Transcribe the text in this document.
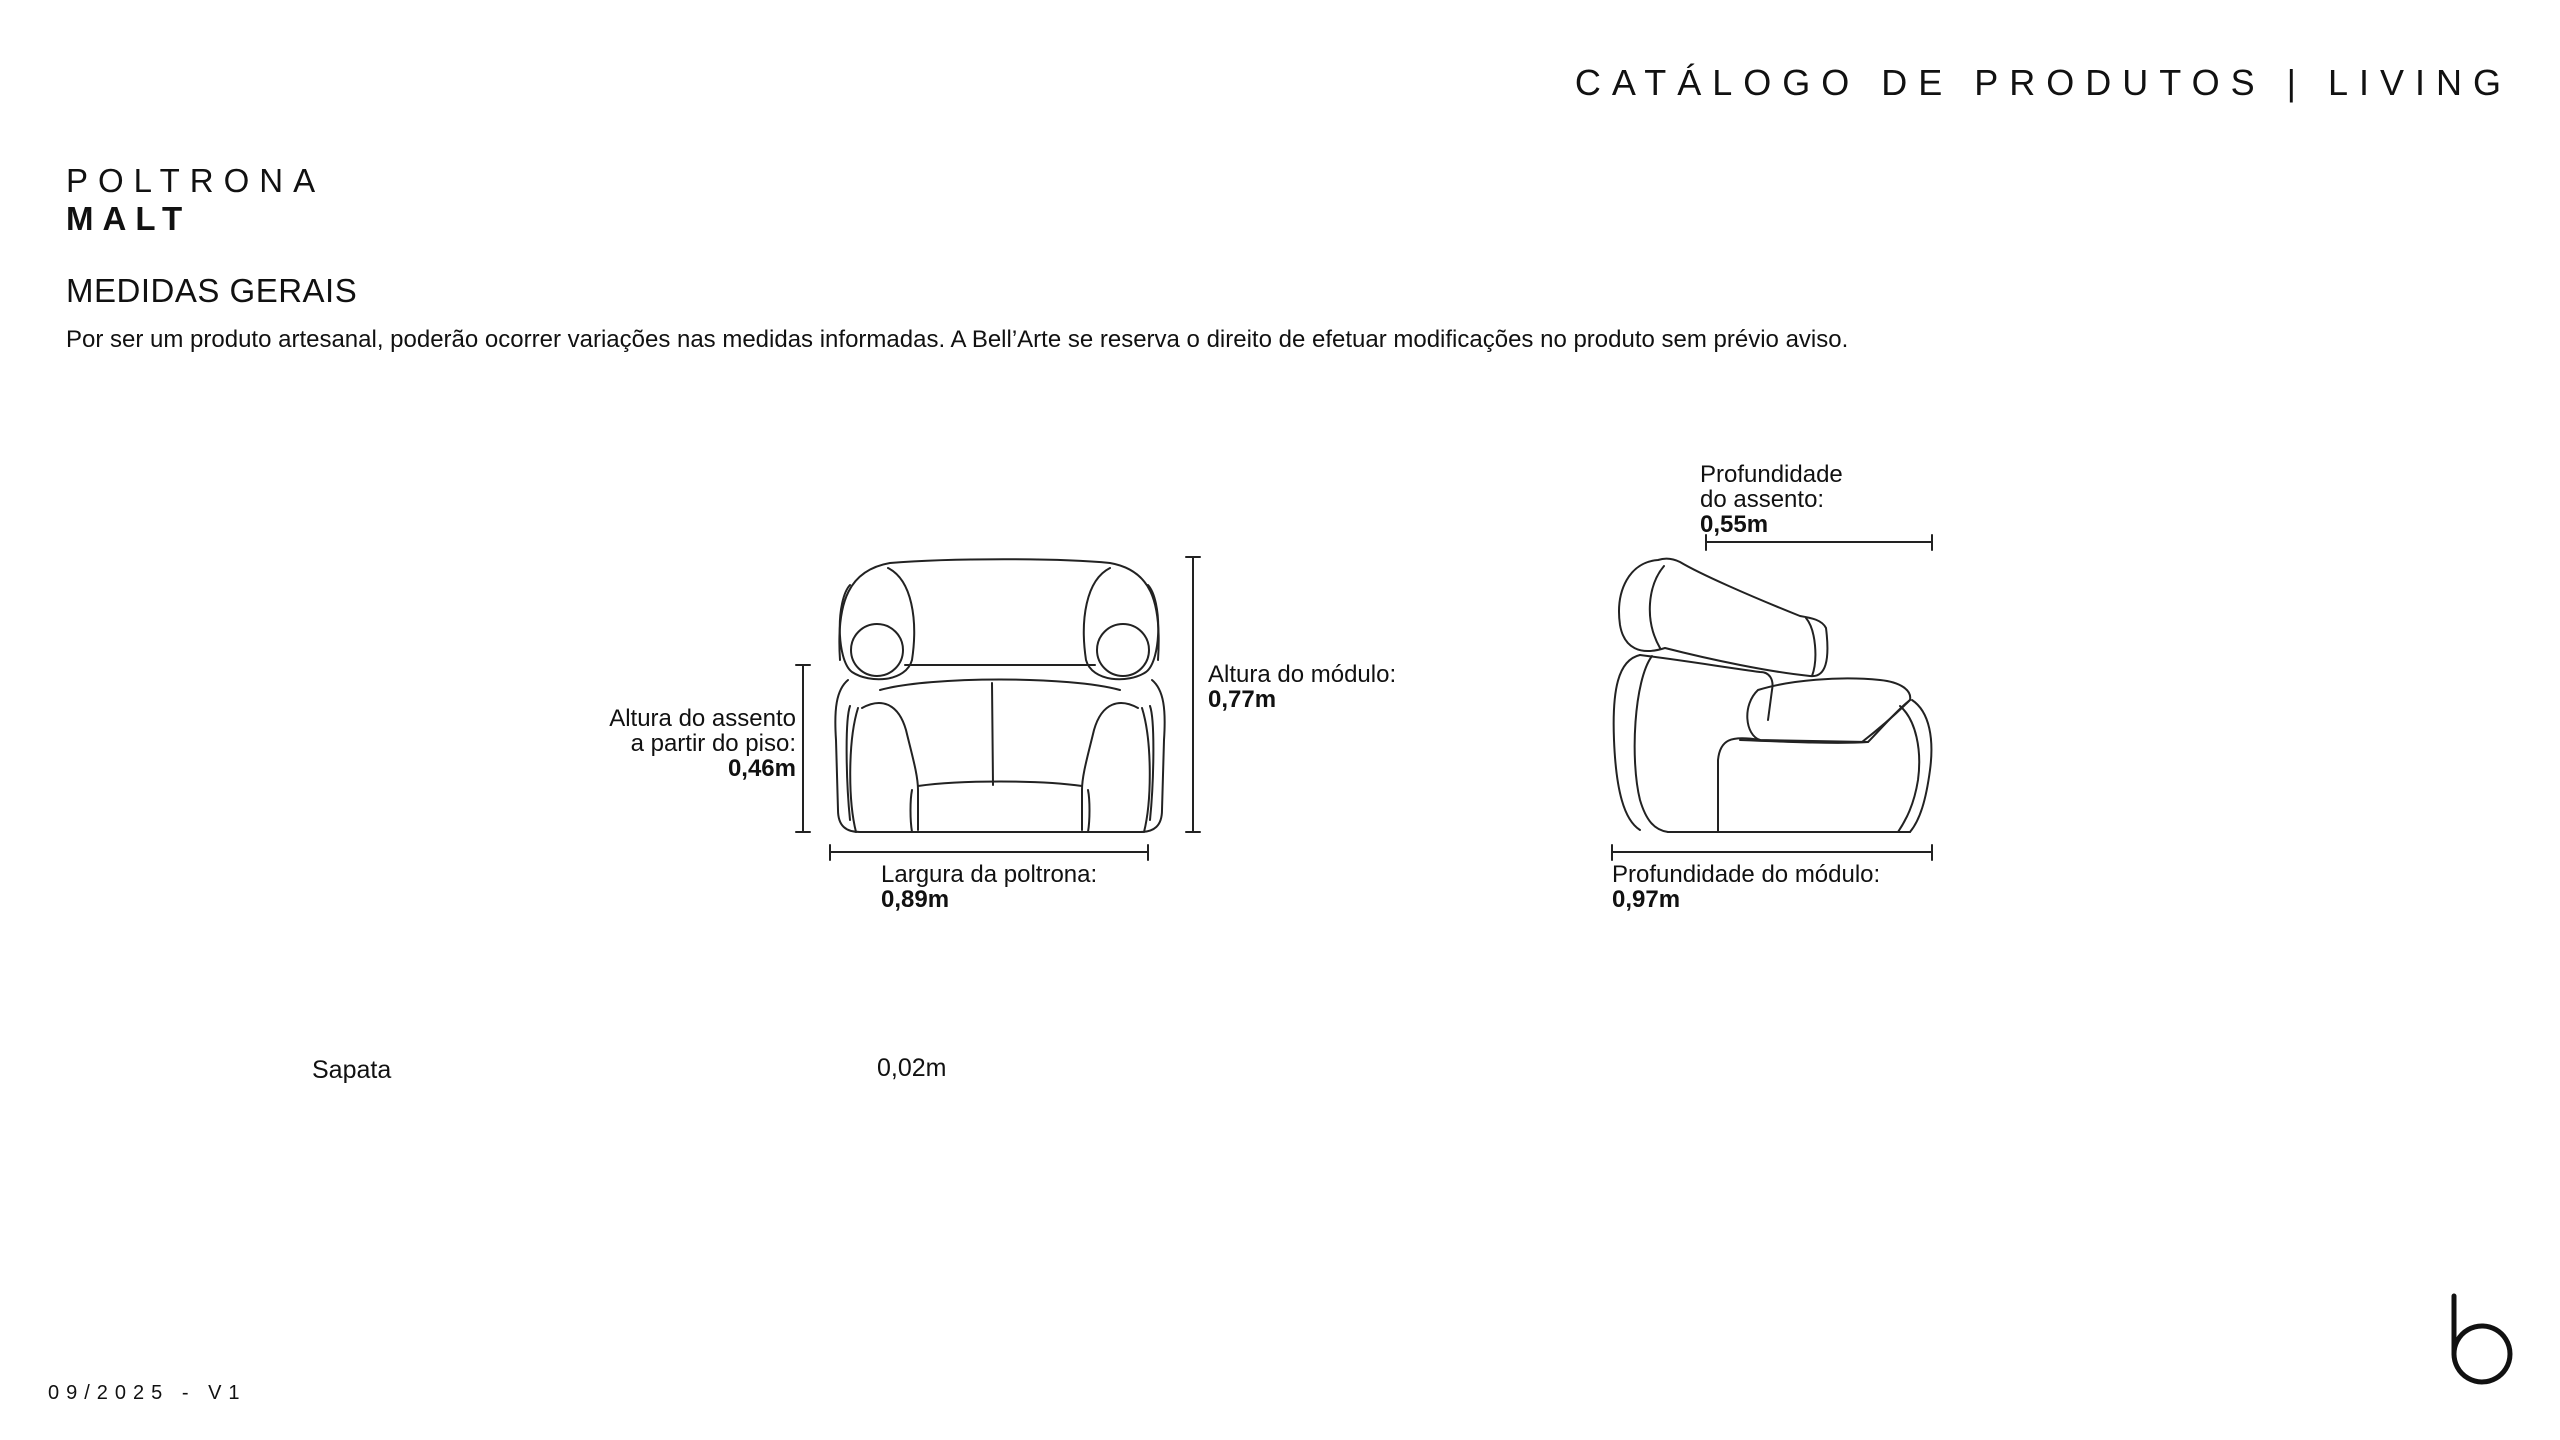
CATÁLOGO DE PRODUTOS | LIVING
POLTRONA
MALT
MEDIDAS GERAIS
Por ser um produto artesanal, poderão ocorrer variações nas medidas informadas. A Bell’Arte se reserva o direito de efetuar modificações no produto sem prévio aviso.
Altura do assento
a partir do piso:
0,46m
Altura do módulo:
0,77m
Largura da poltrona:
0,89m
Profundidade
do assento:
0,55m
Profundidade do módulo:
0,97m
Sapata	0,02m
09/2025 - V1
